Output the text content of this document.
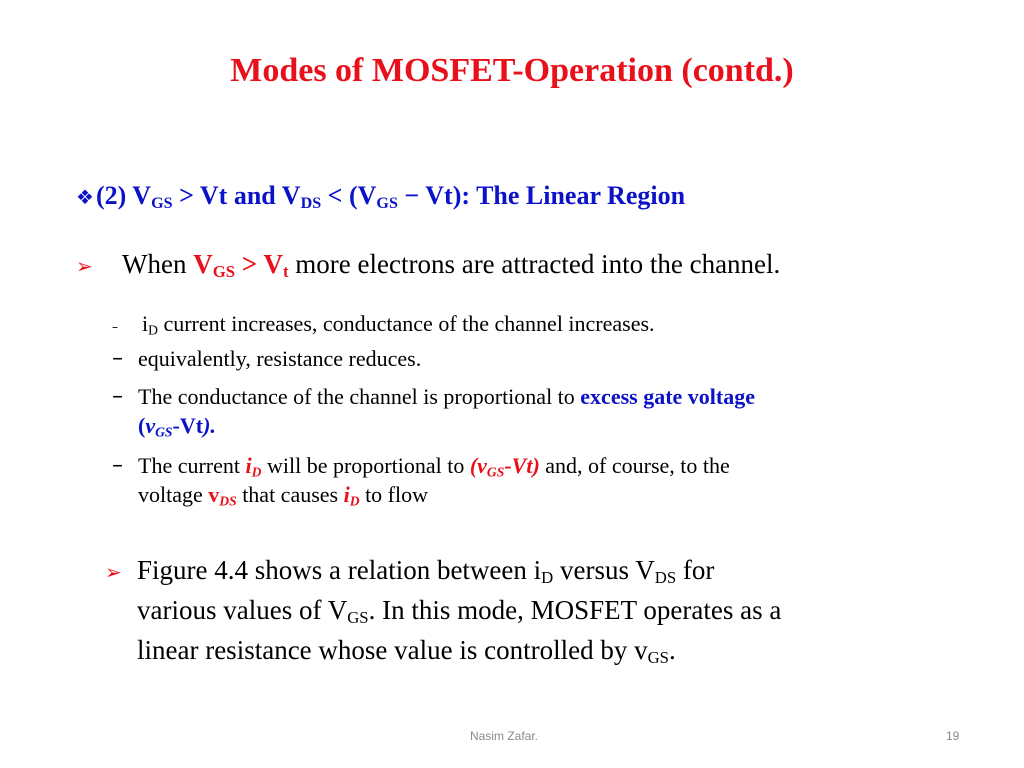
Modes of MOSFET-Operation (contd.)
❖(2) $V_{GS} > Vt$ and $V_{DS} < (V_{GS} - Vt)$: The Linear Region
➢ When $V_{GS} > V_t$ more electrons are attracted into the channel.
– $i_D$ current increases, conductance of the channel increases.
– equivalently, resistance reduces.
– The conductance of the channel is proportional to excess gate voltage
$(v_{GS}-Vt)$.
– The current $i_D$ will be proportional to $(v_{GS}-Vt)$ and, of course, to the
voltage $v_{DS}$ that causes $i_D$ to flow
➢ Figure 4.4 shows a relation between $i_D$ versus $V_{DS}$ for
various values of $V_{GS}$. In this mode, MOSFET operates as a
linear resistance whose value is controlled by $v_{GS}$.
Nasim Zafar.	19
